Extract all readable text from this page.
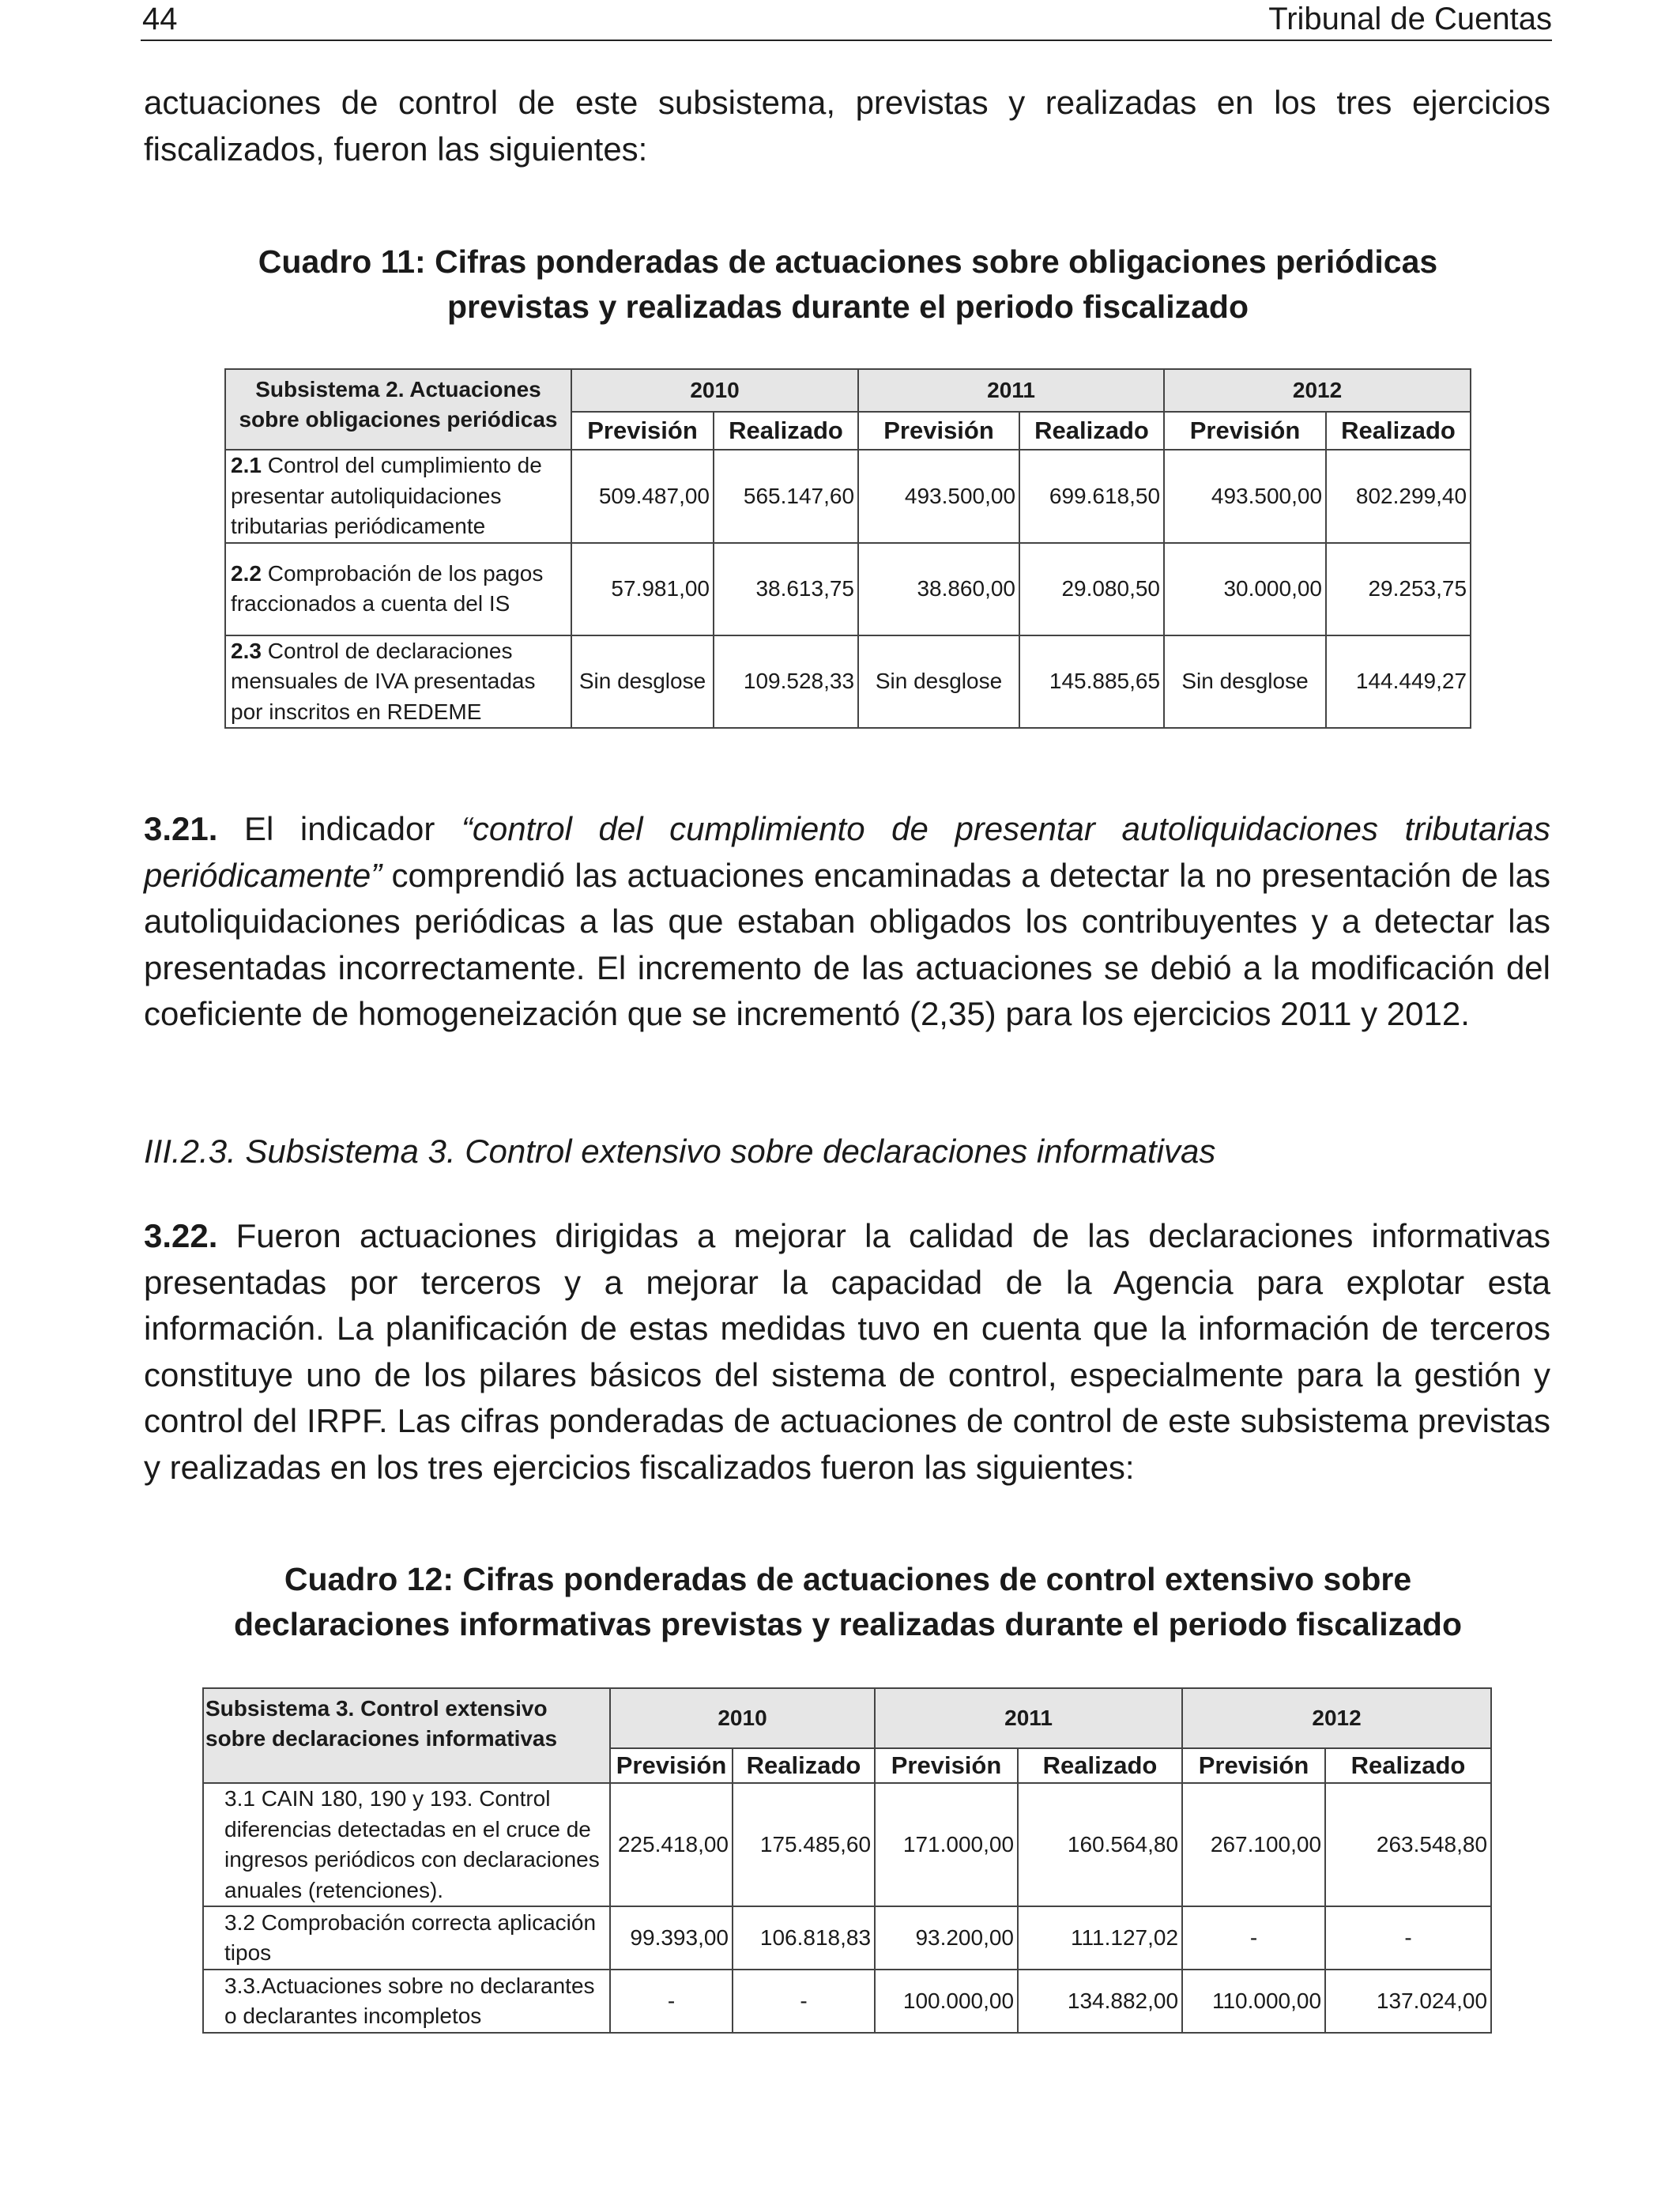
44	Tribunal de Cuentas
actuaciones de control de este subsistema, previstas y realizadas en los tres ejercicios fiscalizados, fueron las siguientes:
Cuadro 11: Cifras ponderadas de actuaciones sobre obligaciones periódicas
previstas y realizadas durante el periodo fiscalizado
Subsistema 2. Actuaciones sobre obligaciones periódicas	2010		2011		2012	
	Previsión	Realizado	Previsión	Realizado	Previsión	Realizado
2.1 Control del cumplimiento de presentar autoliquidaciones tributarias periódicamente	509.487,00	565.147,60	493.500,00	699.618,50	493.500,00	802.299,40
2.2 Comprobación de los pagos fraccionados a cuenta del IS	57.981,00	38.613,75	38.860,00	29.080,50	30.000,00	29.253,75
2.3 Control de declaraciones mensuales de IVA presentadas por inscritos en REDEME	Sin desglose	109.528,33	Sin desglose	145.885,65	Sin desglose	144.449,27
3.21. El indicador “control del cumplimiento de presentar autoliquidaciones tributarias periódicamente” comprendió las actuaciones encaminadas a detectar la no presentación de las autoliquidaciones periódicas a las que estaban obligados los contribuyentes y a detectar las presentadas incorrectamente. El incremento de las actuaciones se debió a la modificación del coeficiente de homogeneización que se incrementó (2,35) para los ejercicios 2011 y 2012.
III.2.3. Subsistema 3. Control extensivo sobre declaraciones informativas
3.22. Fueron actuaciones dirigidas a mejorar la calidad de las declaraciones informativas presentadas por terceros y a mejorar la capacidad de la Agencia para explotar esta información. La planificación de estas medidas tuvo en cuenta que la información de terceros constituye uno de los pilares básicos del sistema de control, especialmente para la gestión y control del IRPF. Las cifras ponderadas de actuaciones de control de este subsistema previstas y realizadas en los tres ejercicios fiscalizados fueron las siguientes:
Cuadro 12: Cifras ponderadas de actuaciones de control extensivo sobre
declaraciones informativas previstas y realizadas durante el periodo fiscalizado
Subsistema 3. Control extensivo sobre declaraciones informativas	2010		2011		2012	
	Previsión	Realizado	Previsión	Realizado	Previsión	Realizado
3.1 CAIN 180, 190 y 193. Control diferencias detectadas en el cruce de ingresos periódicos con declaraciones anuales (retenciones).	225.418,00	175.485,60	171.000,00	160.564,80	267.100,00	263.548,80
3.2 Comprobación correcta aplicación tipos	99.393,00	106.818,83	93.200,00	111.127,02	-	-
3.3.Actuaciones sobre no declarantes o declarantes incompletos	-	-	100.000,00	134.882,00	110.000,00	137.024,00
